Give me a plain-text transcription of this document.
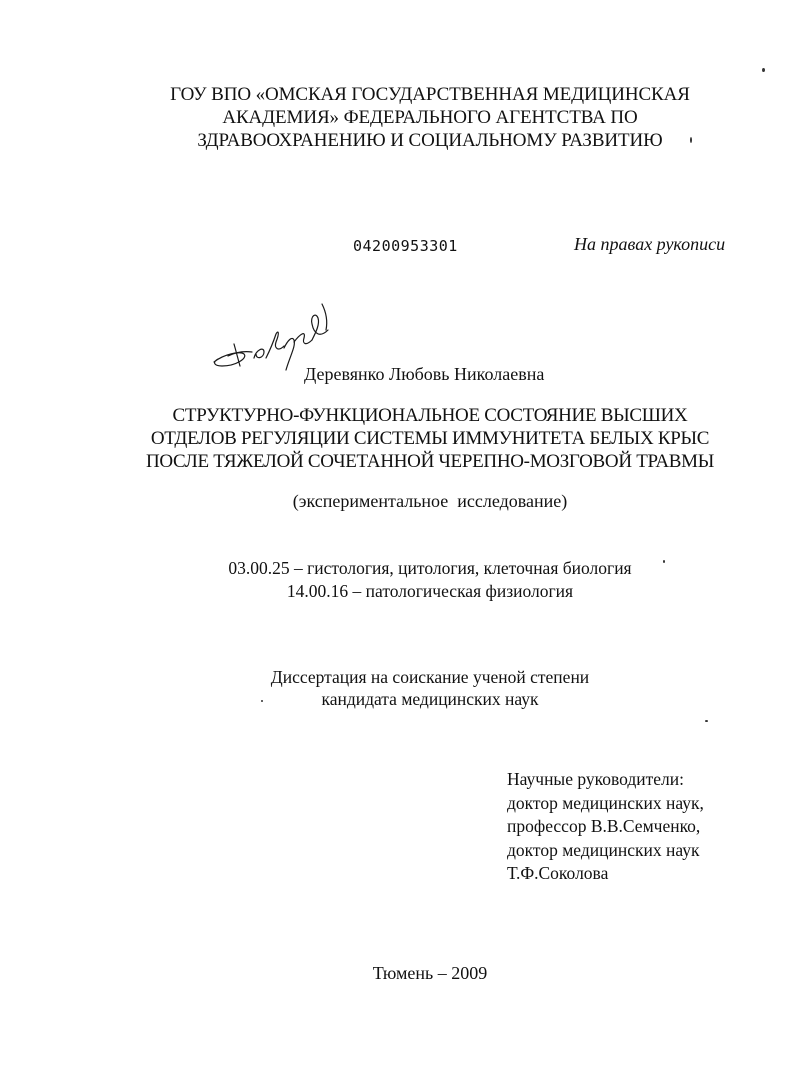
ГОУ ВПО «ОМСКАЯ ГОСУДАРСТВЕННАЯ МЕДИЦИНСКАЯ
АКАДЕМИЯ» ФЕДЕРАЛЬНОГО АГЕНТСТВА ПО
ЗДРАВООХРАНЕНИЮ И СОЦИАЛЬНОМУ РАЗВИТИЮ
04200953301	На правах рукописи
Деревянко Любовь Николаевна
СТРУКТУРНО-ФУНКЦИОНАЛЬНОЕ СОСТОЯНИЕ ВЫСШИХ
ОТДЕЛОВ РЕГУЛЯЦИИ СИСТЕМЫ ИММУНИТЕТА БЕЛЫХ КРЫС
ПОСЛЕ ТЯЖЕЛОЙ СОЧЕТАННОЙ ЧЕРЕПНО-МОЗГОВОЙ ТРАВМЫ
(экспериментальное  исследование)
03.00.25 – гистология, цитология, клеточная биология
14.00.16 – патологическая физиология
Диссертация на соискание ученой степени
кандидата медицинских наук
Научные руководители:
доктор медицинских наук,
профессор В.В.Семченко,
доктор медицинских наук
Т.Ф.Соколова
Тюмень – 2009
